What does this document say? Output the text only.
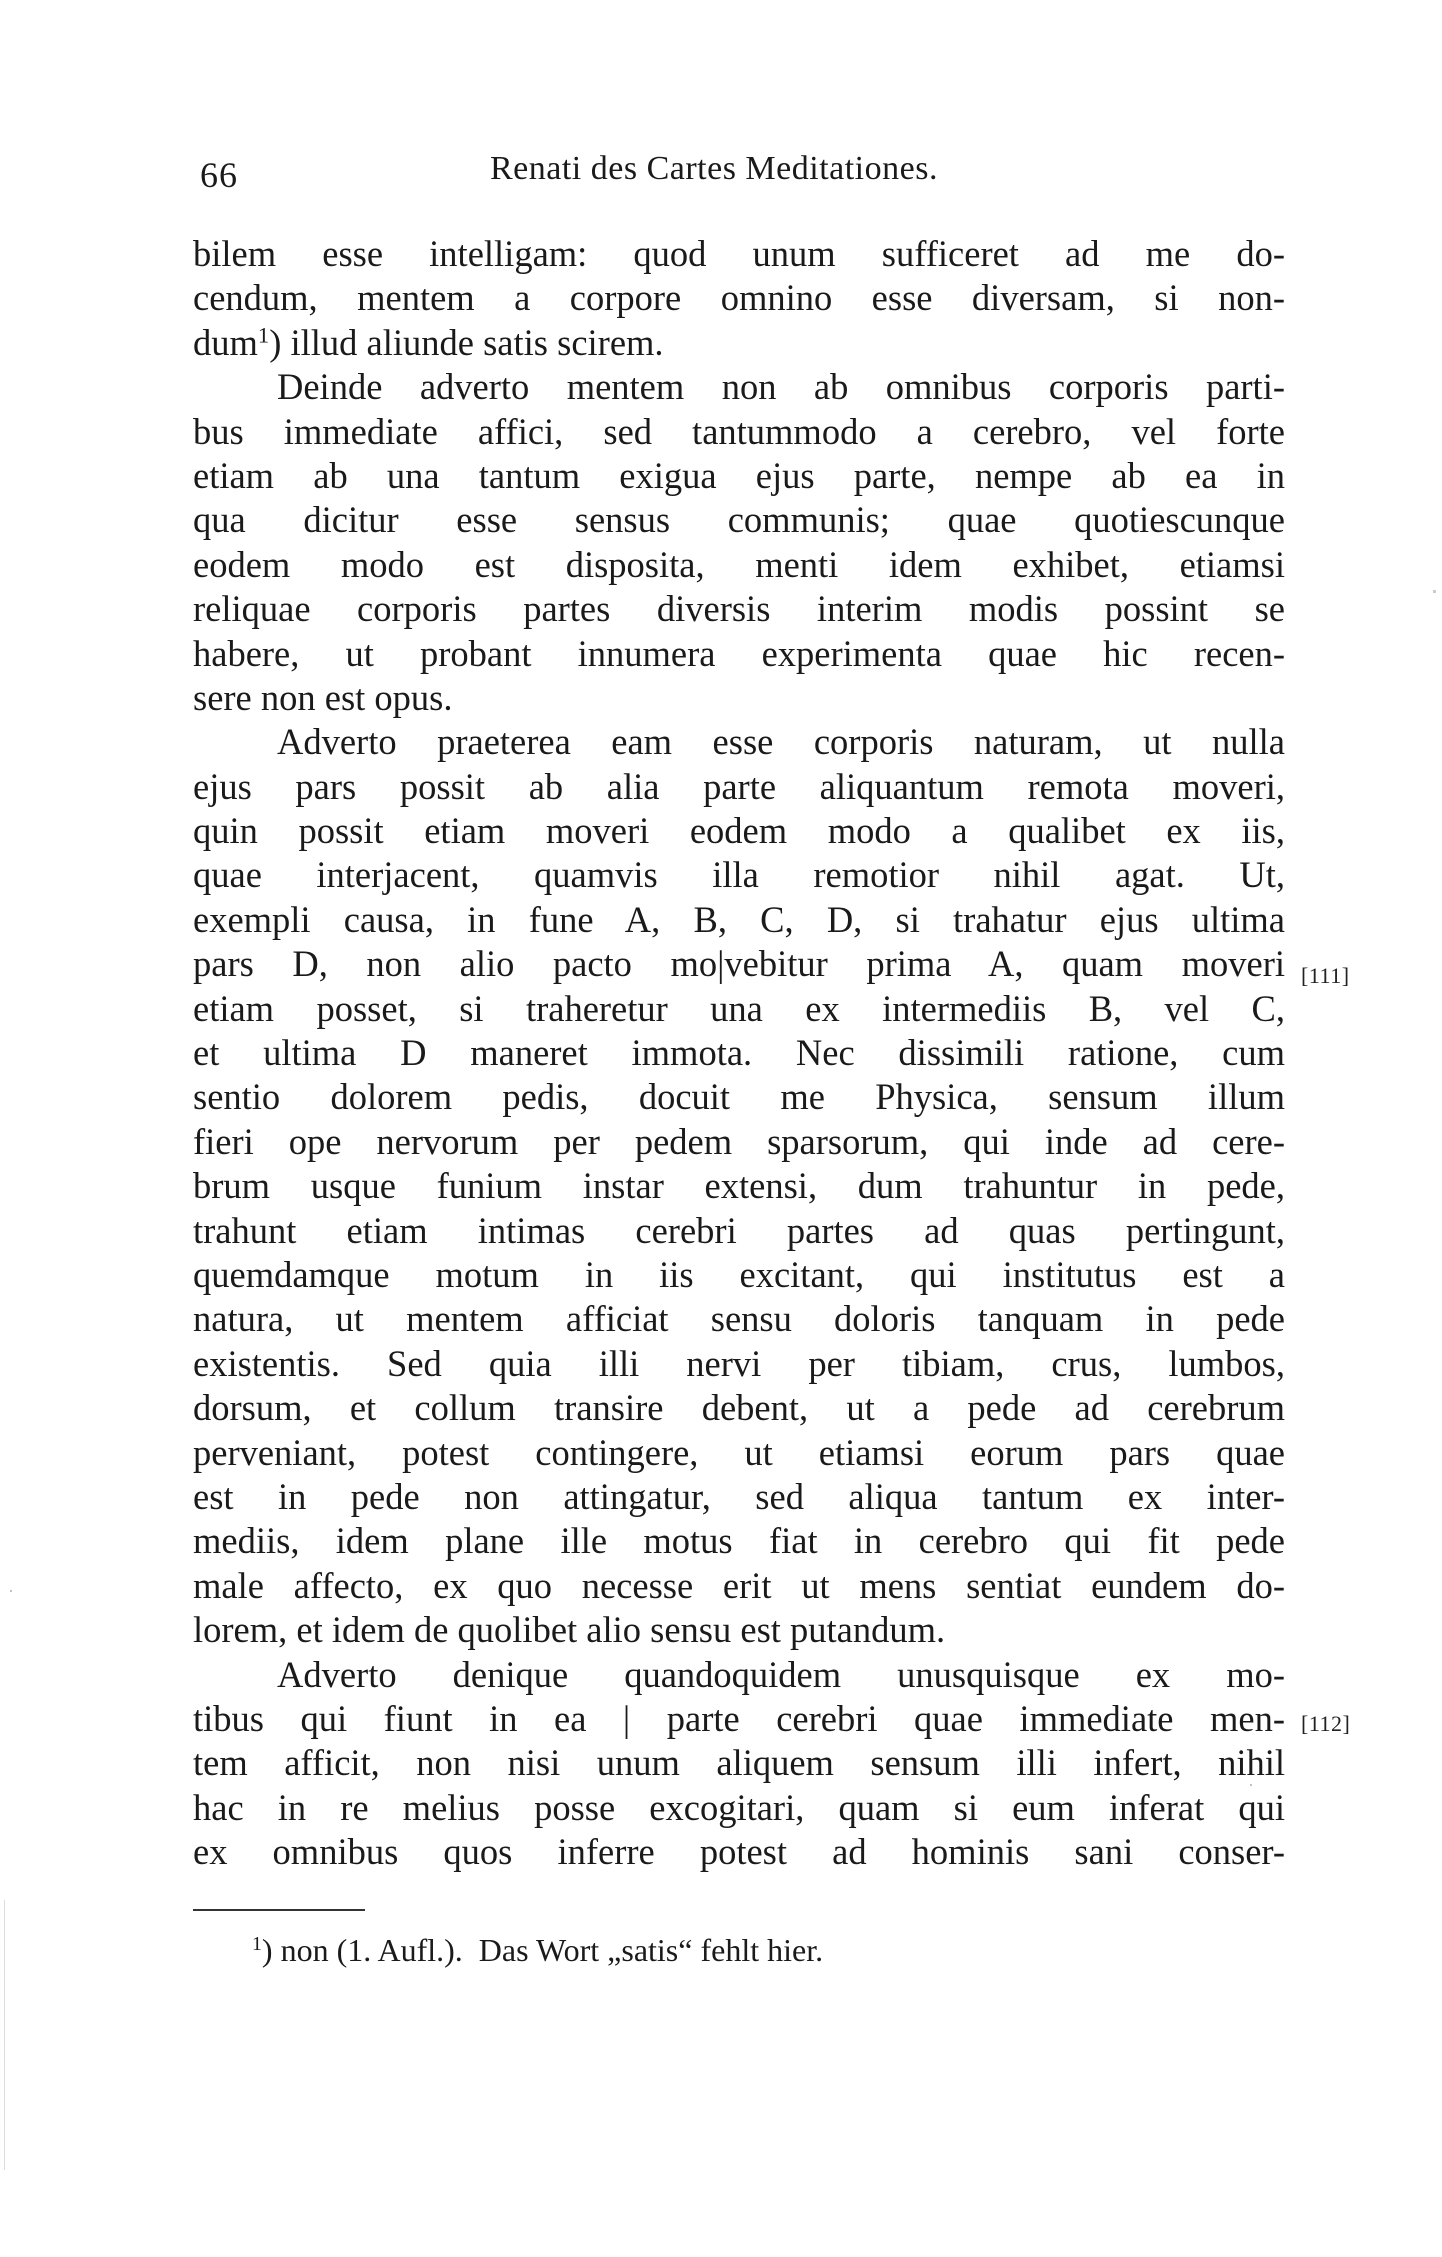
66	Renati des Cartes Meditationes.
bilem esse intelligam: quod unum sufficeret ad me do-
cendum, mentem a corpore omnino esse diversam, si non-
dum$^1$) illud aliunde satis scirem.
Deinde adverto mentem non ab omnibus corporis parti-
bus immediate affici, sed tantummodo a cerebro, vel forte
etiam ab una tantum exigua ejus parte, nempe ab ea in
qua dicitur esse sensus communis; quae quotiescunque
eodem modo est disposita, menti idem exhibet, etiamsi
reliquae corporis partes diversis interim modis possint se
habere, ut probant innumera experimenta quae hic recen-
sere non est opus.
Adverto praeterea eam esse corporis naturam, ut nulla
ejus pars possit ab alia parte aliquantum remota moveri,
quin possit etiam moveri eodem modo a qualibet ex iis,
quae interjacent, quamvis illa remotior nihil agat. Ut,
exempli causa, in fune A, B, C, D, si trahatur ejus ultima
pars D, non alio pacto mo|vebitur prima A, quam moveri
etiam posset, si traheretur una ex intermediis B, vel C,
et ultima D maneret immota. Nec dissimili ratione, cum
sentio dolorem pedis, docuit me Physica, sensum illum
fieri ope nervorum per pedem sparsorum, qui inde ad cere-
brum usque funium instar extensi, dum trahuntur in pede,
trahunt etiam intimas cerebri partes ad quas pertingunt,
quemdamque motum in iis excitant, qui institutus est a
natura, ut mentem afficiat sensu doloris tanquam in pede
existentis. Sed quia illi nervi per tibiam, crus, lumbos,
dorsum, et collum transire debent, ut a pede ad cerebrum
perveniant, potest contingere, ut etiamsi eorum pars quae
est in pede non attingatur, sed aliqua tantum ex inter-
mediis, idem plane ille motus fiat in cerebro qui fit pede
male affecto, ex quo necesse erit ut mens sentiat eundem do-
lorem, et idem de quolibet alio sensu est putandum.
Adverto denique quandoquidem unusquisque ex mo-
tibus qui fiunt in ea | parte cerebri quae immediate men-
tem afficit, non nisi unum aliquem sensum illi infert, nihil
hac in re melius posse excogitari, quam si eum inferat qui
ex omnibus quos inferre potest ad hominis sani conser-
[111]
[112]
$^1$) non (1. Aufl.).  Das Wort „satis“ fehlt hier.
